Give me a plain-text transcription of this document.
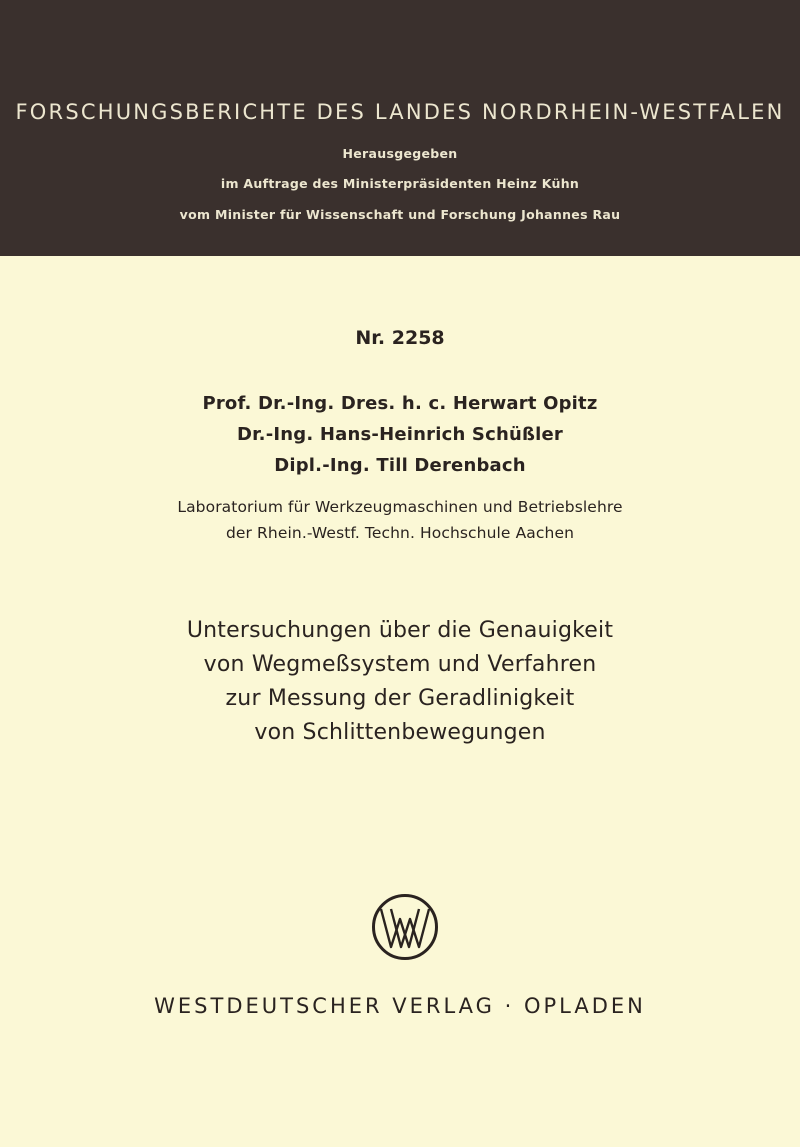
FORSCHUNGSBERICHTE DES LANDES NORDRHEIN-WESTFALEN
Herausgegeben
im Auftrage des Ministerpräsidenten Heinz Kühn
vom Minister für Wissenschaft und Forschung Johannes Rau
Nr. 2258
Prof. Dr.-Ing. Dres. h. c. Herwart Opitz
Dr.-Ing. Hans-Heinrich Schüßler
Dipl.-Ing. Till Derenbach
Laboratorium für Werkzeugmaschinen und Betriebslehre
der Rhein.-Westf. Techn. Hochschule Aachen
Untersuchungen über die Genauigkeit
von Wegmeßsystem und Verfahren
zur Messung der Geradlinigkeit
von Schlittenbewegungen
WESTDEUTSCHER VERLAG · OPLADEN
